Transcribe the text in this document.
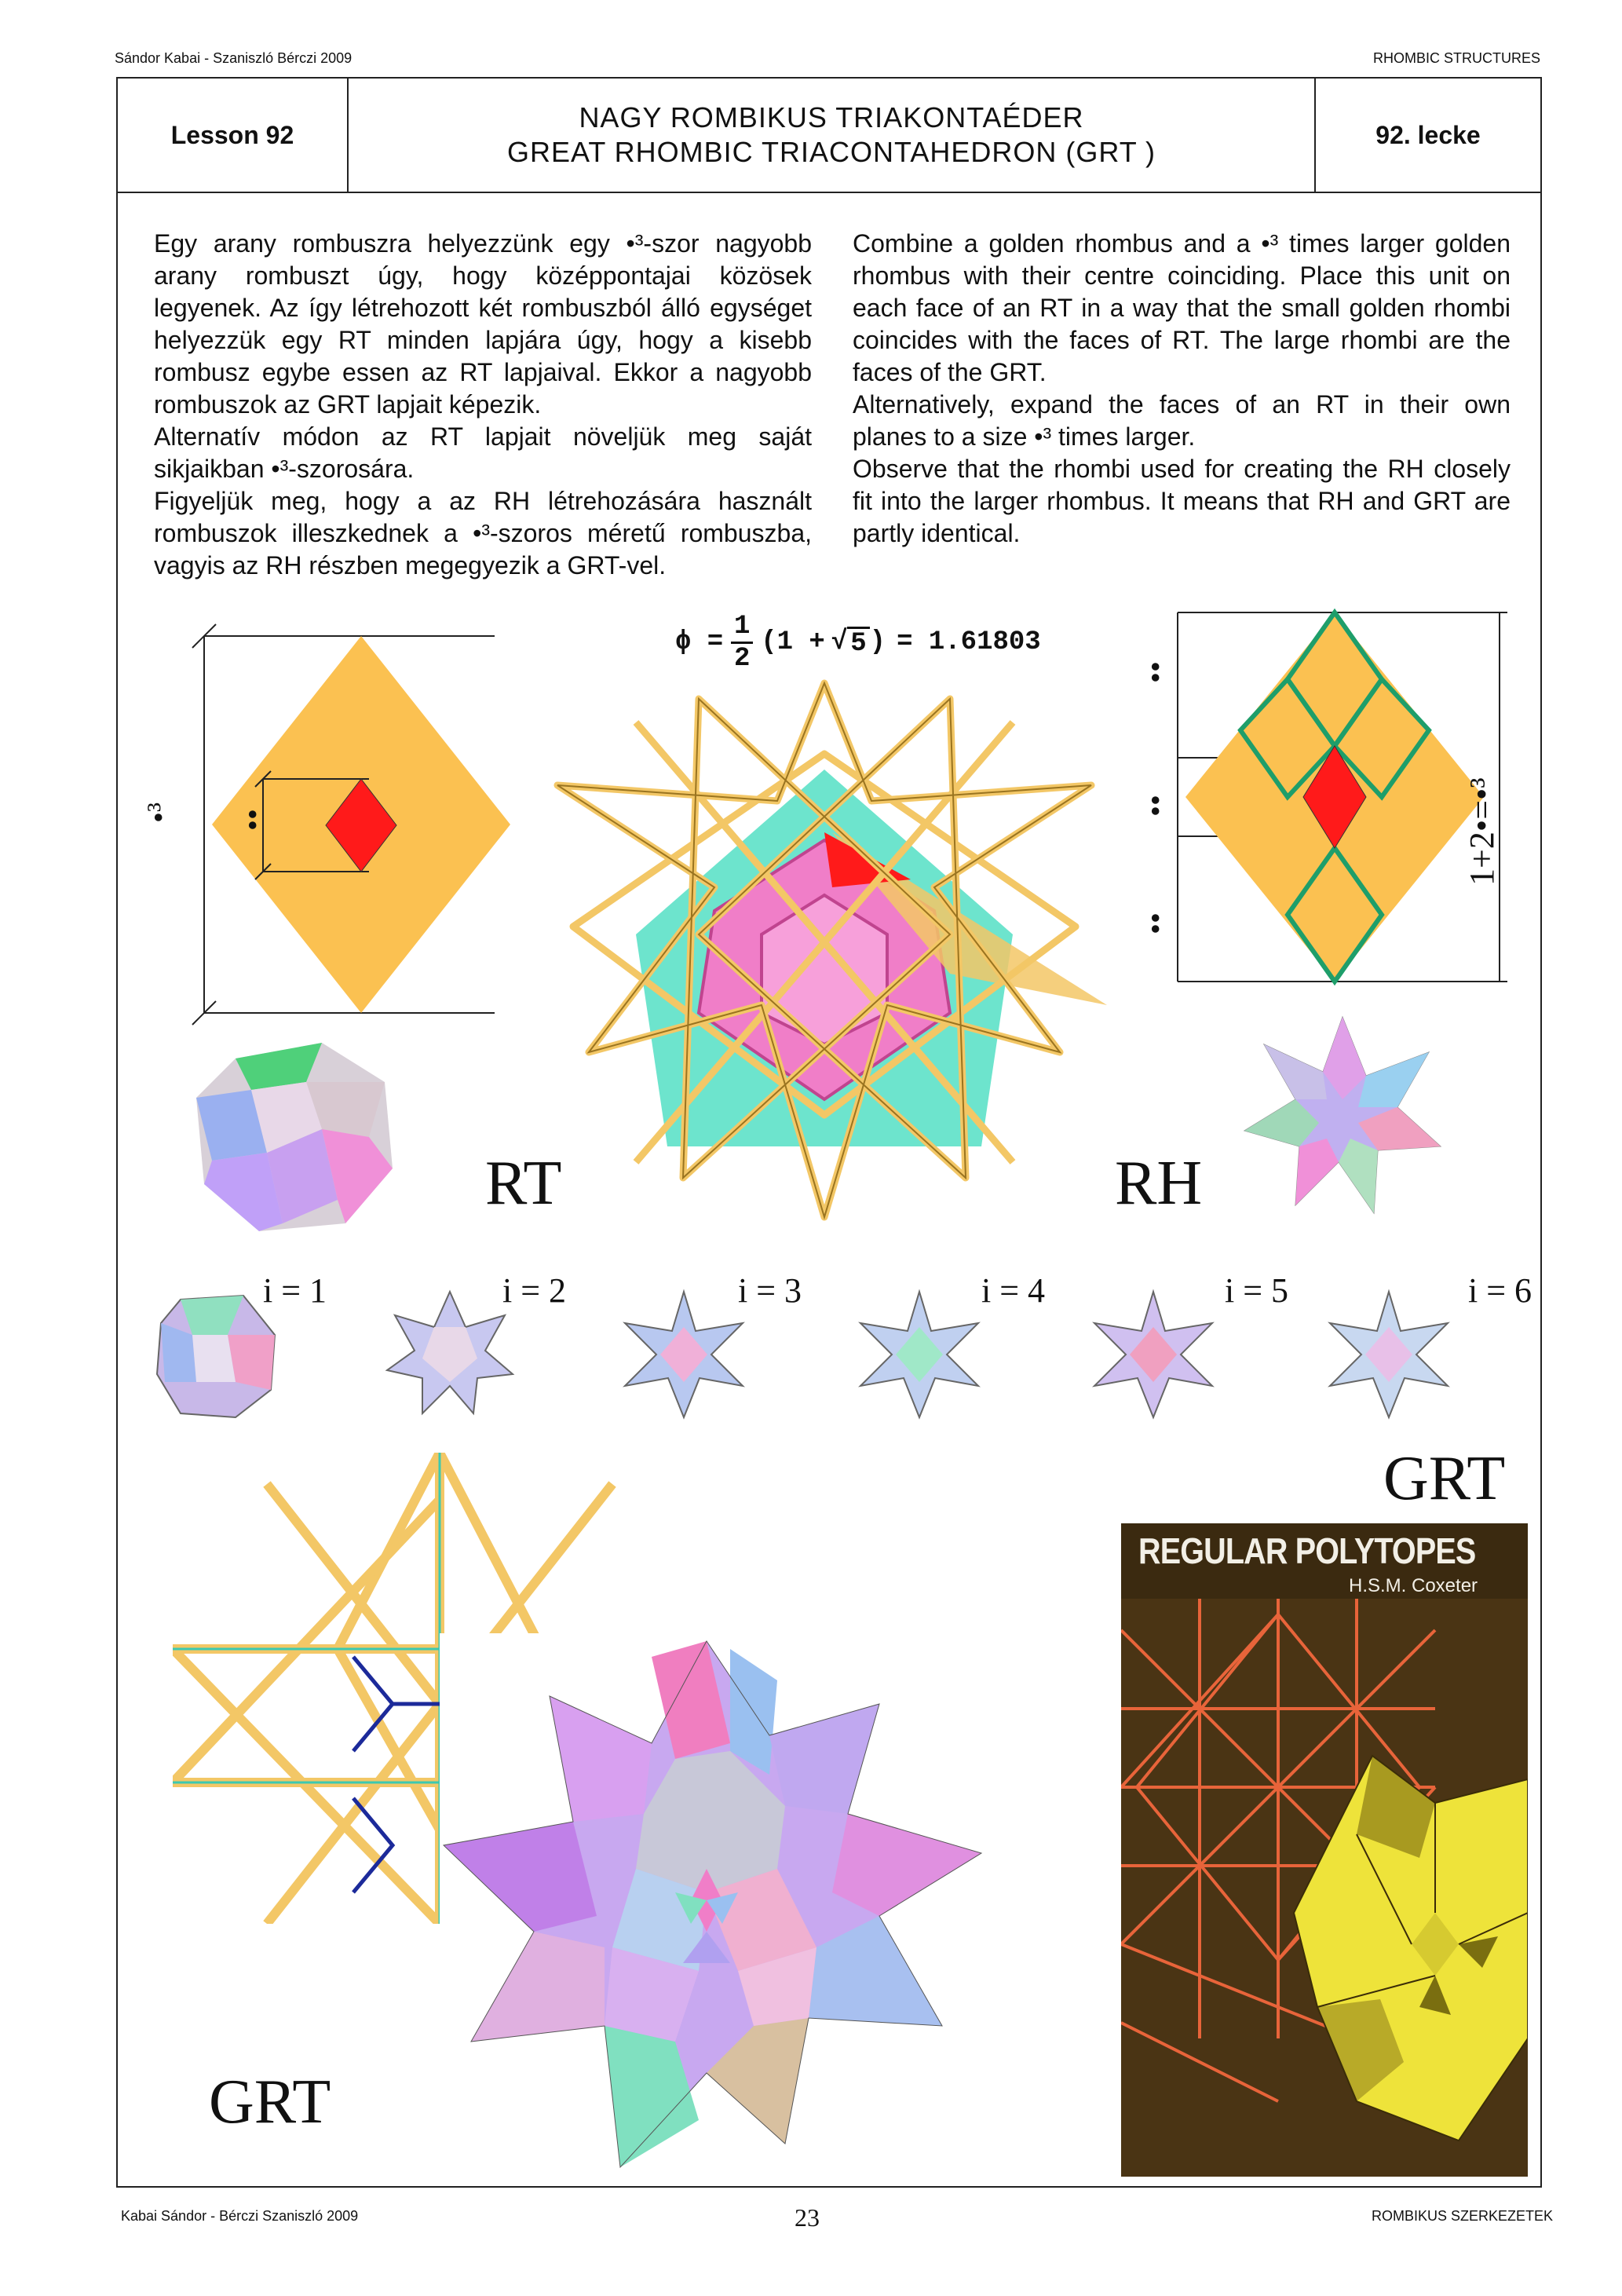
Sándor Kabai - Szaniszló Bérczi 2009	RHOMBIC STRUCTURES
Lesson 92
NAGY ROMBIKUS TRIAKONTAÉDER
GREAT RHOMBIC TRIACONTAHEDRON (GRT )
92. lecke

Egy arany rombuszra helyezzünk egy •³-szor nagyobb arany rombuszt úgy, hogy középpontajai közösek legyenek. Az így létrehozott két rombuszból álló egységet helyezzük egy RT minden lapjára úgy, hogy a kisebb rombusz egybe essen az RT lapjaival. Ekkor a nagyobb rombuszok az GRT lapjait képezik.

Alternatív módon az RT lapjait növeljük meg saját sikjaikban •³-szorosára.

Figyeljük meg, hogy a az RH létrehozására használt rombuszok illeszkednek a •³-szoros méretű rombuszba, vagyis az RH részben megegyezik a GRT-vel.

Combine a golden rhombus and a •³ times larger golden rhombus with their centre coinciding. Place this unit on each face of an RT in a way that the small golden rhombi coincides with the faces of RT. The large rhombi are the faces of the GRT.

Alternatively, expand the faces of an RT in their own planes to a size •³ times larger.

Observe that the rhombi used for creating the RH closely fit into the larger rhombus. It means that RH and GRT are partly identical.

ϕ =
1
2
(1 + √ 5 ) = 1.61803
•³ ••
••
••
••
1+2•=•³
RT	RH
i = 1	i = 2	i = 3	i = 4	i = 5	i = 6
GRT
GRT
REGULAR POLYTOPES
H.S.M. Coxeter
Kabai Sándor - Bérczi Szaniszló 2009	23	ROMBIKUS SZERKEZETEK
